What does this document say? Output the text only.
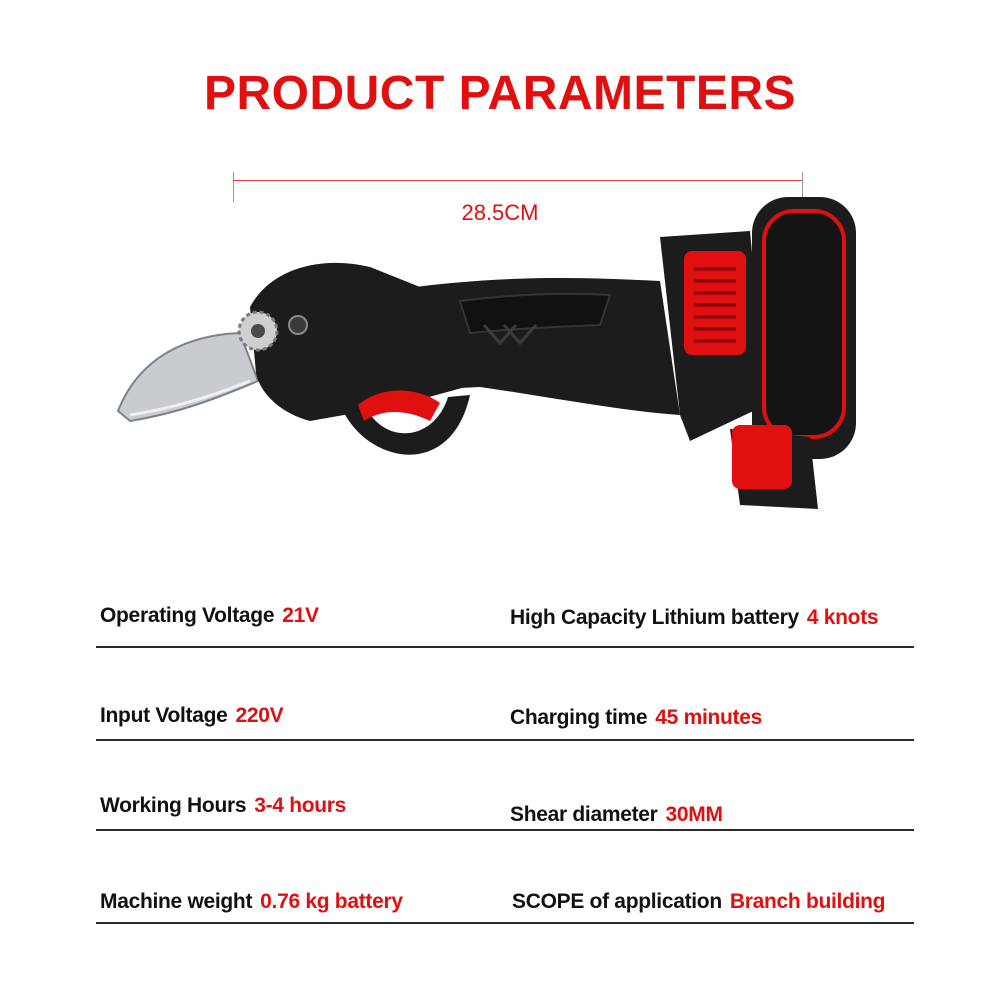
PRODUCT PARAMETERS
28.5CM
Operating Voltage 21V	High Capacity Lithium battery 4 knots
Input Voltage 220V	Charging time 45 minutes
Working Hours 3-4 hours	Shear diameter 30MM
Machine weight 0.76 kg battery	SCOPE of application Branch building
